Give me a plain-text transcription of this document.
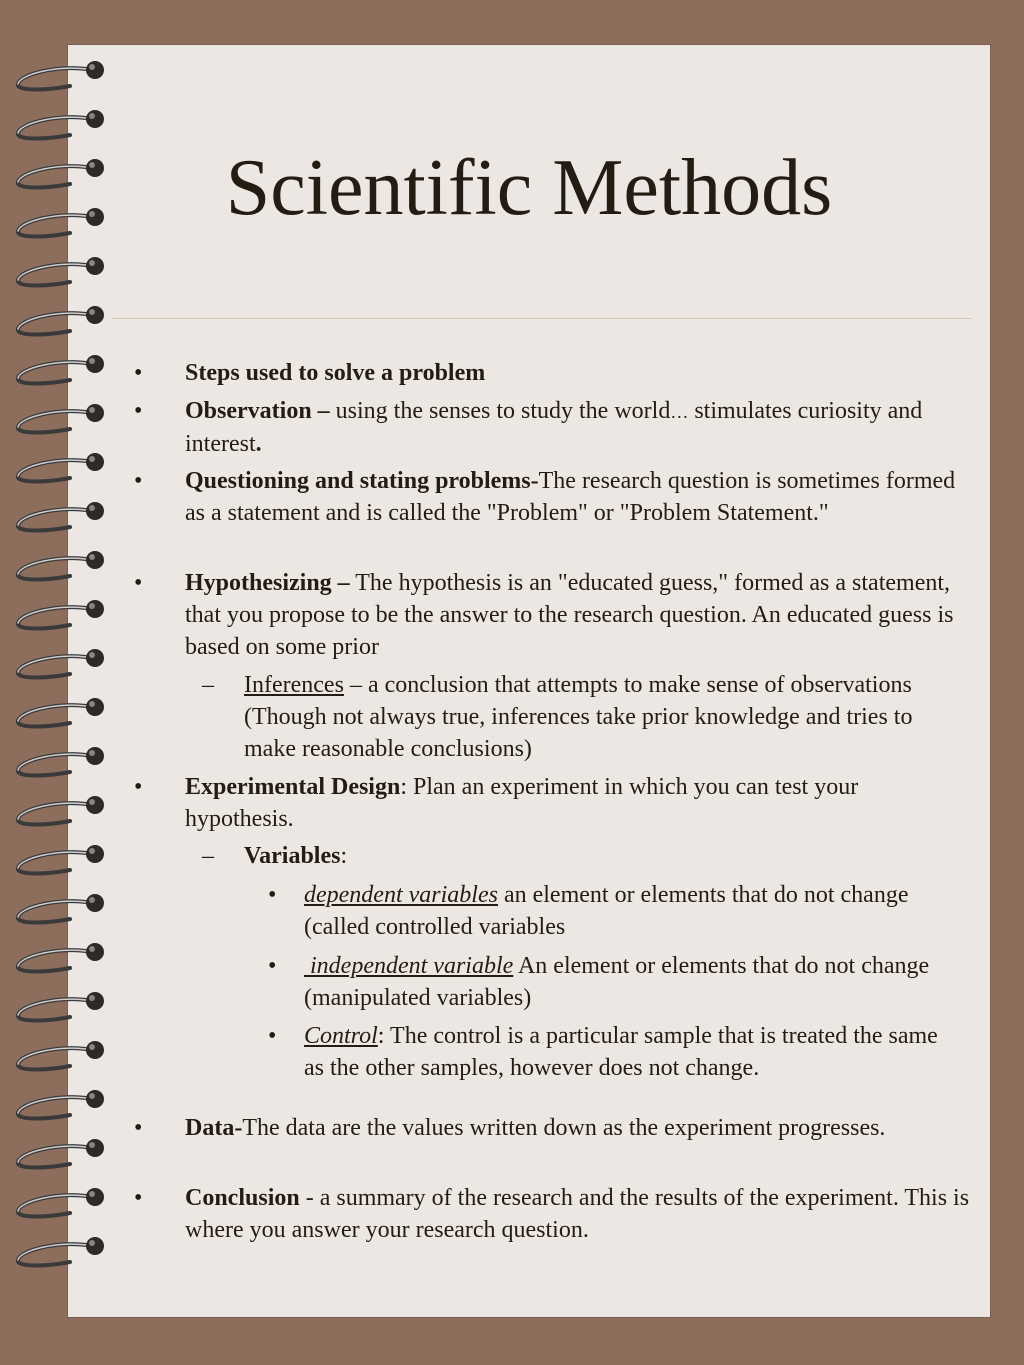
Scientific Methods
• Steps used to solve a problem
• Observation – using the senses to study the world… stimulates curiosity and interest.
• Questioning and stating problems-The research question is sometimes formed as a statement and is called the "Problem" or "Problem Statement."
• Hypothesizing – The hypothesis is an "educated guess," formed as a statement, that you propose to be the answer to the research question. An educated guess is based on some prior
– Inferences – a conclusion that attempts to make sense of observations (Though not always true, inferences take prior knowledge and tries to make reasonable conclusions)
• Experimental Design: Plan an experiment in which you can test your hypothesis.
– Variables:
• dependent variables an element or elements that do not change (called controlled variables
• independent variable An element or elements that do not change (manipulated variables)
• Control: The control is a particular sample that is treated the same as the other samples, however does not change.
• Data-The data are the values written down as the experiment progresses.
• Conclusion - a summary of the research and the results of the experiment. This is where you answer your research question.
